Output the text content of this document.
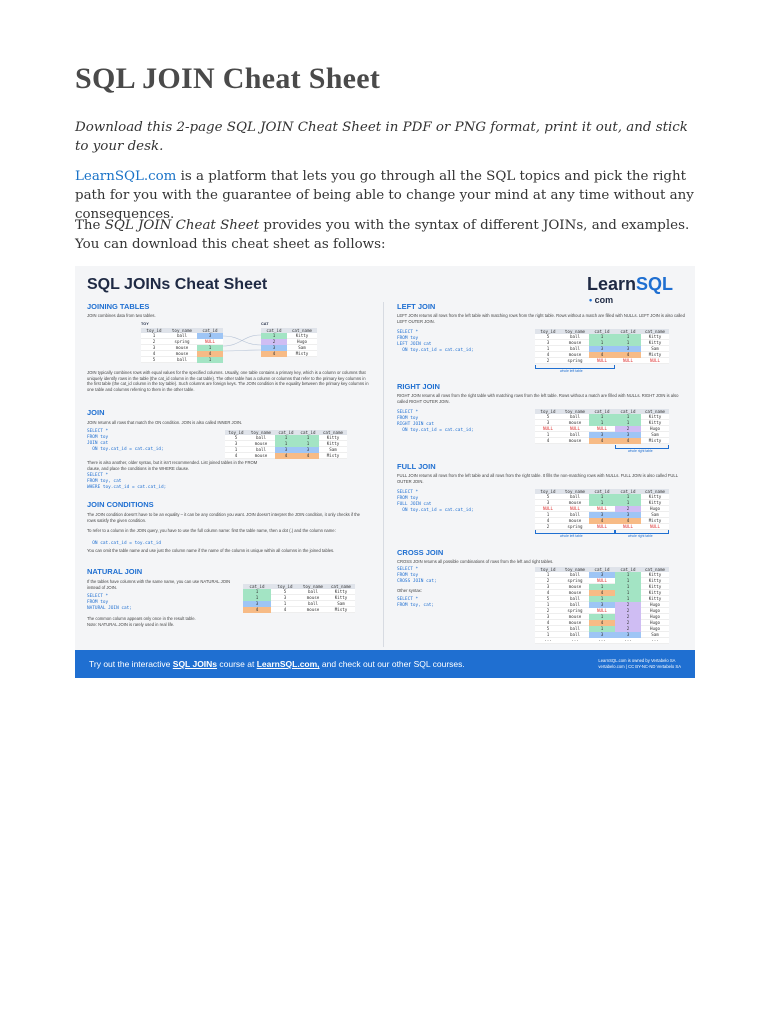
SQL JOIN Cheat Sheet

Download this 2-page SQL JOIN Cheat Sheet in PDF or PNG format, print it out, and stick to your desk.

LearnSQL.com is a platform that lets you go through all the SQL topics and pick the right path for you with the guarantee of being able to change your mind at any time without any consequences.

The SQL JOIN Cheat Sheet provides you with the syntax of different JOINs, and examples. You can download this cheat sheet as follows:

SQL JOINs Cheat Sheet	LearnSQL
• com
JOINING TABLES
JOIN combines data from two tables.
TOY
toy_id	toy_name	cat_id
1	ball	3
2	spring	NULL
3	mouse	1
4	mouse	4
5	ball	1
CAT
cat_id	cat_name
1	Kitty
2	Hugo
3	Sam
4	Misty
JOIN typically combines rows with equal values for the specified columns. Usually, one table contains a primary key, which is a column or columns that uniquely identify rows in the table (the cat_id column in the cat table). The other table has a column or columns that refer to the primary key columns in the first table (the cat_id column in the toy table). Such columns are foreign keys. The JOIN condition is the equality between the primary key columns in one table and columns referring to them in the other table.
JOIN
JOIN returns all rows that match the ON condition. JOIN is also called INNER JOIN.
SELECT *
FROM toy
JOIN cat
ON toy.cat_id = cat.cat_id;
toy_id	toy_name	cat_id	cat_id	cat_name
5	ball	1	1	Kitty
3	mouse	1	1	Kitty
1	ball	3	3	Sam
4	mouse	4	4	Misty
There is also another, older syntax, but it isn't recommended. List joined tables in the FROM clause, and place the conditions in the WHERE clause.
SELECT *
FROM toy, cat
WHERE toy.cat_id = cat.cat_id;
JOIN CONDITIONS
The JOIN condition doesn't have to be an equality – it can be any condition you want. JOIN doesn't interpret the JOIN condition, it only checks if the rows satisfy the given condition.
To refer to a column in the JOIN query, you have to use the full column name: first the table name, then a dot (.) and the column name:
ON cat.cat_id = toy.cat_id
You can omit the table name and use just the column name if the name of the column is unique within all columns in the joined tables.
NATURAL JOIN
If the tables have columns with the same name, you can use NATURAL JOIN instead of JOIN.
SELECT *
FROM toy
NATURAL JOIN cat;
cat_id	toy_id	toy_name	cat_name
1	5	ball	Kitty
1	3	mouse	Kitty
3	1	ball	Sam
4	4	mouse	Misty
The common column appears only once in the result table.
Note: NATURAL JOIN is rarely used in real life.
LEFT JOIN
LEFT JOIN returns all rows from the left table with matching rows from the right table. Rows without a match are filled with NULLs. LEFT JOIN is also called LEFT OUTER JOIN.
SELECT *
FROM toy
LEFT JOIN cat
ON toy.cat_id = cat.cat_id;
toy_id	toy_name	cat_id	cat_id	cat_name
5	ball	1	1	Kitty
3	mouse	1	1	Kitty
1	ball	3	3	Sam
4	mouse	4	4	Misty
2	spring	NULL	NULL	NULL
whole left table
RIGHT JOIN
RIGHT JOIN returns all rows from the right table with matching rows from the left table. Rows without a match are filled with NULLs. RIGHT JOIN is also called RIGHT OUTER JOIN.
SELECT *
FROM toy
RIGHT JOIN cat
ON toy.cat_id = cat.cat_id;
toy_id	toy_name	cat_id	cat_id	cat_name
5	ball	1	1	Kitty
3	mouse	1	1	Kitty
NULL	NULL	NULL	2	Hugo
1	ball	3	3	Sam
4	mouse	4	4	Misty
whole right table
FULL JOIN
FULL JOIN returns all rows from the left table and all rows from the right table. It fills the non-matching rows with NULLs. FULL JOIN is also called FULL OUTER JOIN.
SELECT *
FROM toy
FULL JOIN cat
ON toy.cat_id = cat.cat_id;
toy_id	toy_name	cat_id	cat_id	cat_name
5	ball	1	1	Kitty
3	mouse	1	1	Kitty
NULL	NULL	NULL	2	Hugo
1	ball	3	3	Sam
4	mouse	4	4	Misty
2	spring	NULL	NULL	NULL
whole left table	whole right table
CROSS JOIN
CROSS JOIN returns all possible combinations of rows from the left and right tables.
SELECT *
FROM toy
CROSS JOIN cat;
Other syntax:
SELECT *
FROM toy, cat;
toy_id	toy_name	cat_id	cat_id	cat_name
1	ball	3	1	Kitty
2	spring	NULL	1	Kitty
3	mouse	1	1	Kitty
4	mouse	4	1	Kitty
5	ball	1	1	Kitty
1	ball	3	2	Hugo
2	spring	NULL	2	Hugo
3	mouse	1	2	Hugo
4	mouse	4	2	Hugo
5	ball	1	2	Hugo
1	ball	3	3	Sam
···	···	···	···	···
Try out the interactive SQL JOINs course at LearnSQL.com, and check out our other SQL courses.	LearnSQL.com is owned by Vertabelo SA
vertabelo.com | CC BY-NC-ND Vertabelo SA
